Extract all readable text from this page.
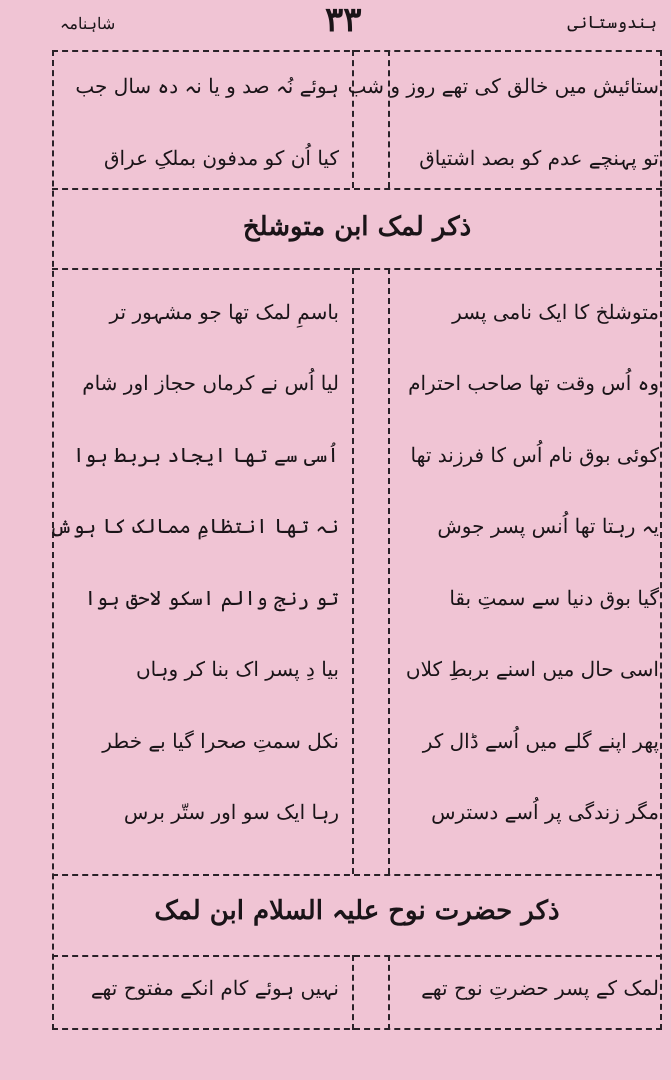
ہندوستانی
۳۳
شاہنامہ
ستائیش میں خالق کی تھے روز و شب
ہوئے نُہ صد و یا نہ دہ سال جب
تو پہنچے عدم کو بصد اشتیاق
کیا اُن کو مدفون بملکِ عراق
ذکر لمک ابن متوشلخ
متوشلخ کا ایک نامی پسر
باسمِ لمک تھا جو مشہور تر
وہ اُس وقت تھا صاحب احترام
لیا اُس نے کرماں حجاز اور شام
کوئی بوق نام اُس کا فرزند تھا
اُسی سے تھا ایجاد بربط ہوا
یہ رہتا تھا اُنس پسر جوش
نہ تھا انتظامِ ممالک کا ہوش
گیا بوق دنیا سے سمتِ بقا
تو رنج والم اسکو لاحق ہوا
اسی حال میں اسنے بربطِ کلاں
بیا دِ پسر اک بنا کر وہاں
پھر اپنے گلے میں اُسے ڈال کر
نکل سمتِ صحرا گیا بے خطر
مگر زندگی پر اُسے دسترس
رہا ایک سو اور ستّر برس
ذکر حضرت نوح علیہ السلام ابن لمک
لمک کے پسر حضرتِ نوح تھے
نہیں ہوئے کام انکے مفتوح تھے
